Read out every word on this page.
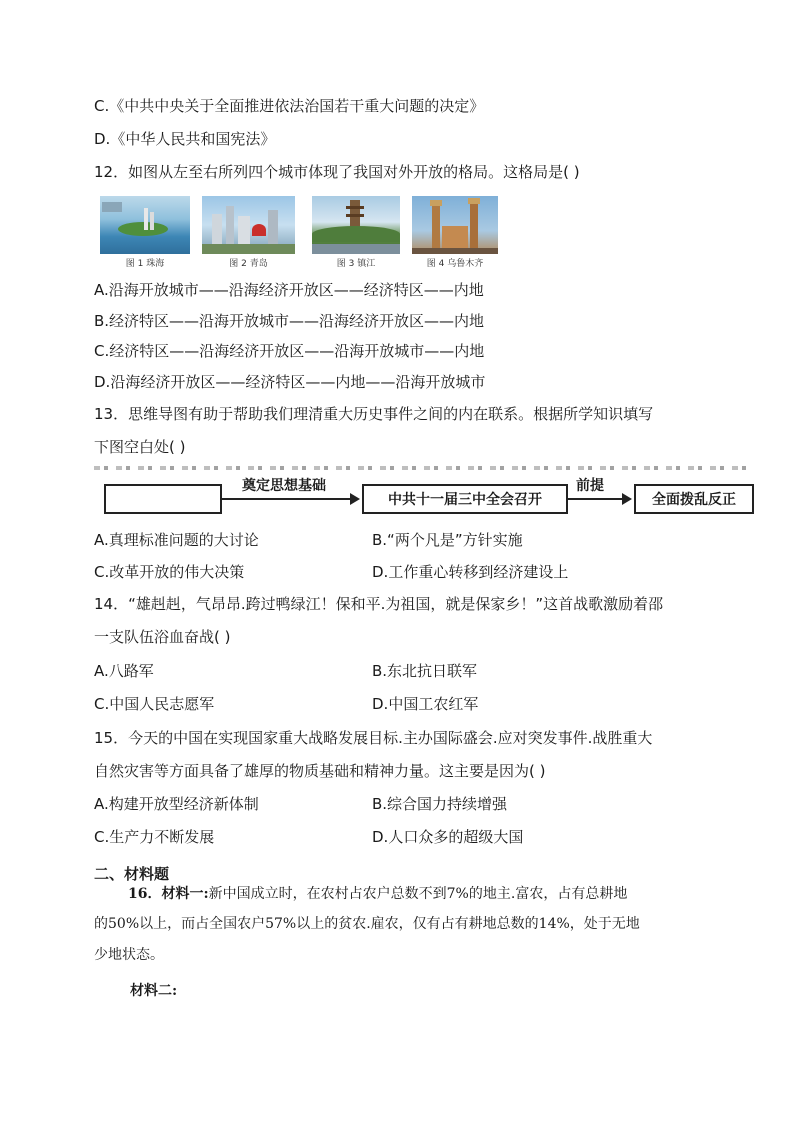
C.《中共中央关于全面推进依法治国若干重大问题的决定》
D.《中华人民共和国宪法》
12．如图从左至右所列四个城市体现了我国对外开放的格局。这格局是( )
图 1 珠海	图 2 青岛	图 3 镇江	图 4 乌鲁木齐
A.沿海开放城市——沿海经济开放区——经济特区——内地
B.经济特区——沿海开放城市——沿海经济开放区——内地
C.经济特区——沿海经济开放区——沿海开放城市——内地
D.沿海经济开放区——经济特区——内地——沿海开放城市
13．思维导图有助于帮助我们理清重大历史事件之间的内在联系。根据所学知识填写
下图空白处( )
奠定思想基础
中共十一届三中全会召开
前提
全面拨乱反正
A.真理标准问题的大讨论	B.“两个凡是”方针实施
C.改革开放的伟大决策	D.工作重心转移到经济建设上
14．“雄赳赳，气昂昂.跨过鸭绿江！保和平.为祖国，就是保家乡！”这首战歌激励着邵
一支队伍浴血奋战( )
A.八路军	B.东北抗日联军
C.中国人民志愿军	D.中国工农红军
15．今天的中国在实现国家重大战略发展目标.主办国际盛会.应对突发事件.战胜重大
自然灾害等方面具备了雄厚的物质基础和精神力量。这主要是因为( )
A.构建开放型经济新体制	B.综合国力持续增强
C.生产力不断发展	D.人口众多的超级大国
二、材料题
16．材料一:新中国成立时，在农村占农户总数不到7%的地主.富农，占有总耕地
的50%以上，而占全国农户57%以上的贫农.雇农，仅有占有耕地总数的14%，处于无地
少地状态。
材料二:
